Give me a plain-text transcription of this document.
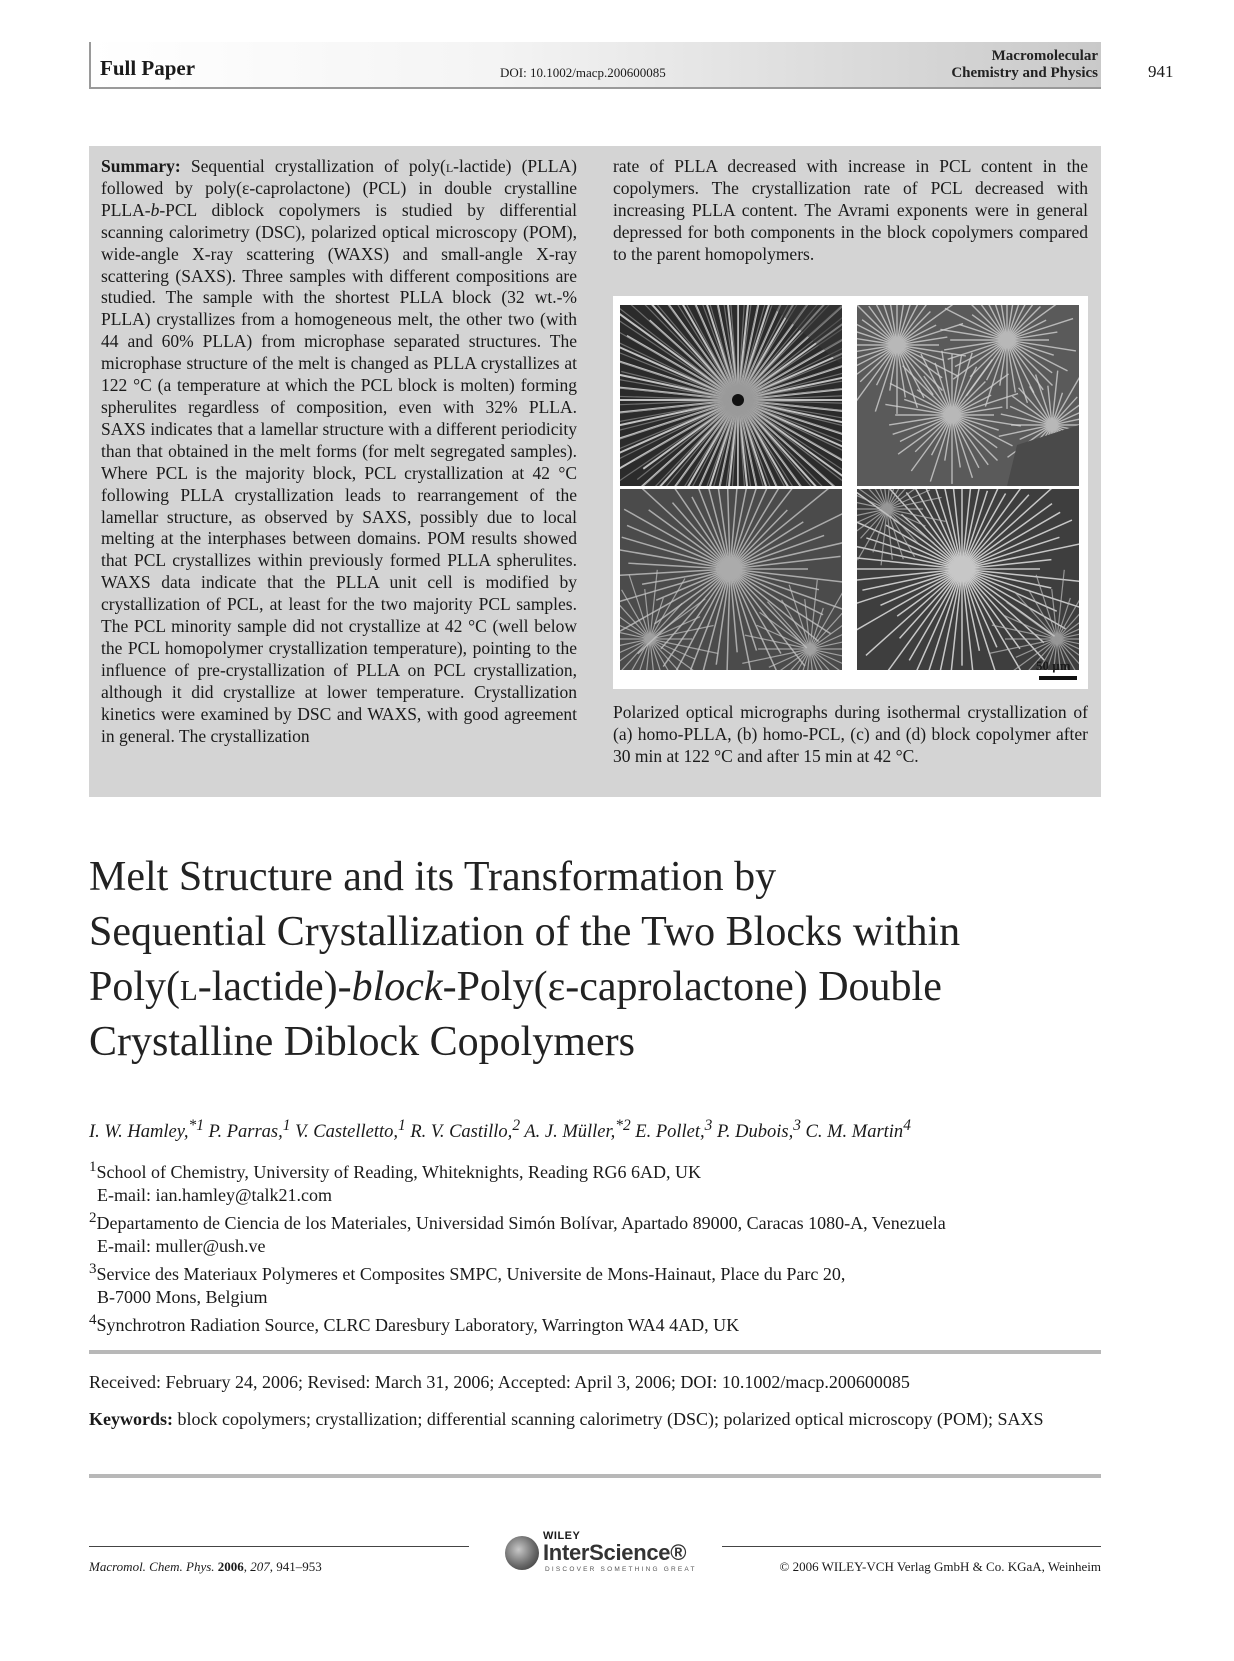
Full Paper	DOI: 10.1002/macp.200600085
Macromolecular
Chemistry and Physics	941

Summary: Sequential crystallization of poly(l-lactide) (PLLA) followed by poly(ε-caprolactone) (PCL) in double crystalline PLLA-b-PCL diblock copolymers is studied by differential scanning calorimetry (DSC), polarized optical microscopy (POM), wide-angle X-ray scattering (WAXS) and small-angle X-ray scattering (SAXS). Three samples with different compositions are studied. The sample with the shortest PLLA block (32 wt.-% PLLA) crystallizes from a homogeneous melt, the other two (with 44 and 60% PLLA) from microphase separated structures. The microphase structure of the melt is changed as PLLA crystallizes at 122 °C (a temperature at which the PCL block is molten) forming spherulites regardless of composition, even with 32% PLLA. SAXS indicates that a lamellar structure with a different periodicity than that obtained in the melt forms (for melt segregated samples). Where PCL is the majority block, PCL crystallization at 42 °C following PLLA crystallization leads to rearrangement of the lamellar structure, as observed by SAXS, possibly due to local melting at the interphases between domains. POM results showed that PCL crystallizes within previously formed PLLA spherulites. WAXS data indicate that the PLLA unit cell is modified by crystallization of PCL, at least for the two majority PCL samples. The PCL minority sample did not crystallize at 42 °C (well below the PCL homopolymer crystallization temperature), pointing to the influence of pre-crystallization of PLLA on PCL crystallization, although it did crystallize at lower temperature. Crystallization kinetics were examined by DSC and WAXS, with good agreement in general. The crystallization

rate of PLLA decreased with increase in PCL content in the copolymers. The crystallization rate of PCL decreased with increasing PLLA content. The Avrami exponents were in general depressed for both components in the block copolymers compared to the parent homopolymers.

50 µm

Polarized optical micrographs during isothermal crystallization of (a) homo-PLLA, (b) homo-PCL, (c) and (d) block copolymer after 30 min at 122 °C and after 15 min at 42 °C.

Melt Structure and its Transformation by
Sequential Crystallization of the Two Blocks within
Poly(l-lactide)-block-Poly(ε-caprolactone) Double
Crystalline Diblock Copolymers

I. W. Hamley,$^{*1}$ P. Parras,$^1$ V. Castelletto,$^1$ R. V. Castillo,$^2$ A. J. Müller,$^{*2}$ E. Pollet,$^3$ P. Dubois,$^3$ C. M. Martin$^4$

$^1$School of Chemistry, University of Reading, Whiteknights, Reading RG6 6AD, UK
E-mail: ian.hamley@talk21.com
$^2$Departamento de Ciencia de los Materiales, Universidad Simón Bolívar, Apartado 89000, Caracas 1080-A, Venezuela
E-mail: muller@ush.ve
$^3$Service des Materiaux Polymeres et Composites SMPC, Universite de Mons-Hainaut, Place du Parc 20,
B-7000 Mons, Belgium
$^4$Synchrotron Radiation Source, CLRC Daresbury Laboratory, Warrington WA4 4AD, UK
Received: February 24, 2006; Revised: March 31, 2006; Accepted: April 3, 2006; DOI: 10.1002/macp.200600085

Keywords: block copolymers; crystallization; differential scanning calorimetry (DSC); polarized optical microscopy (POM); SAXS

Macromol. Chem. Phys. 2006, 207, 941–953	© 2006 WILEY-VCH Verlag GmbH & Co. KGaA, Weinheim
WILEY
InterScience®
DISCOVER SOMETHING GREAT
